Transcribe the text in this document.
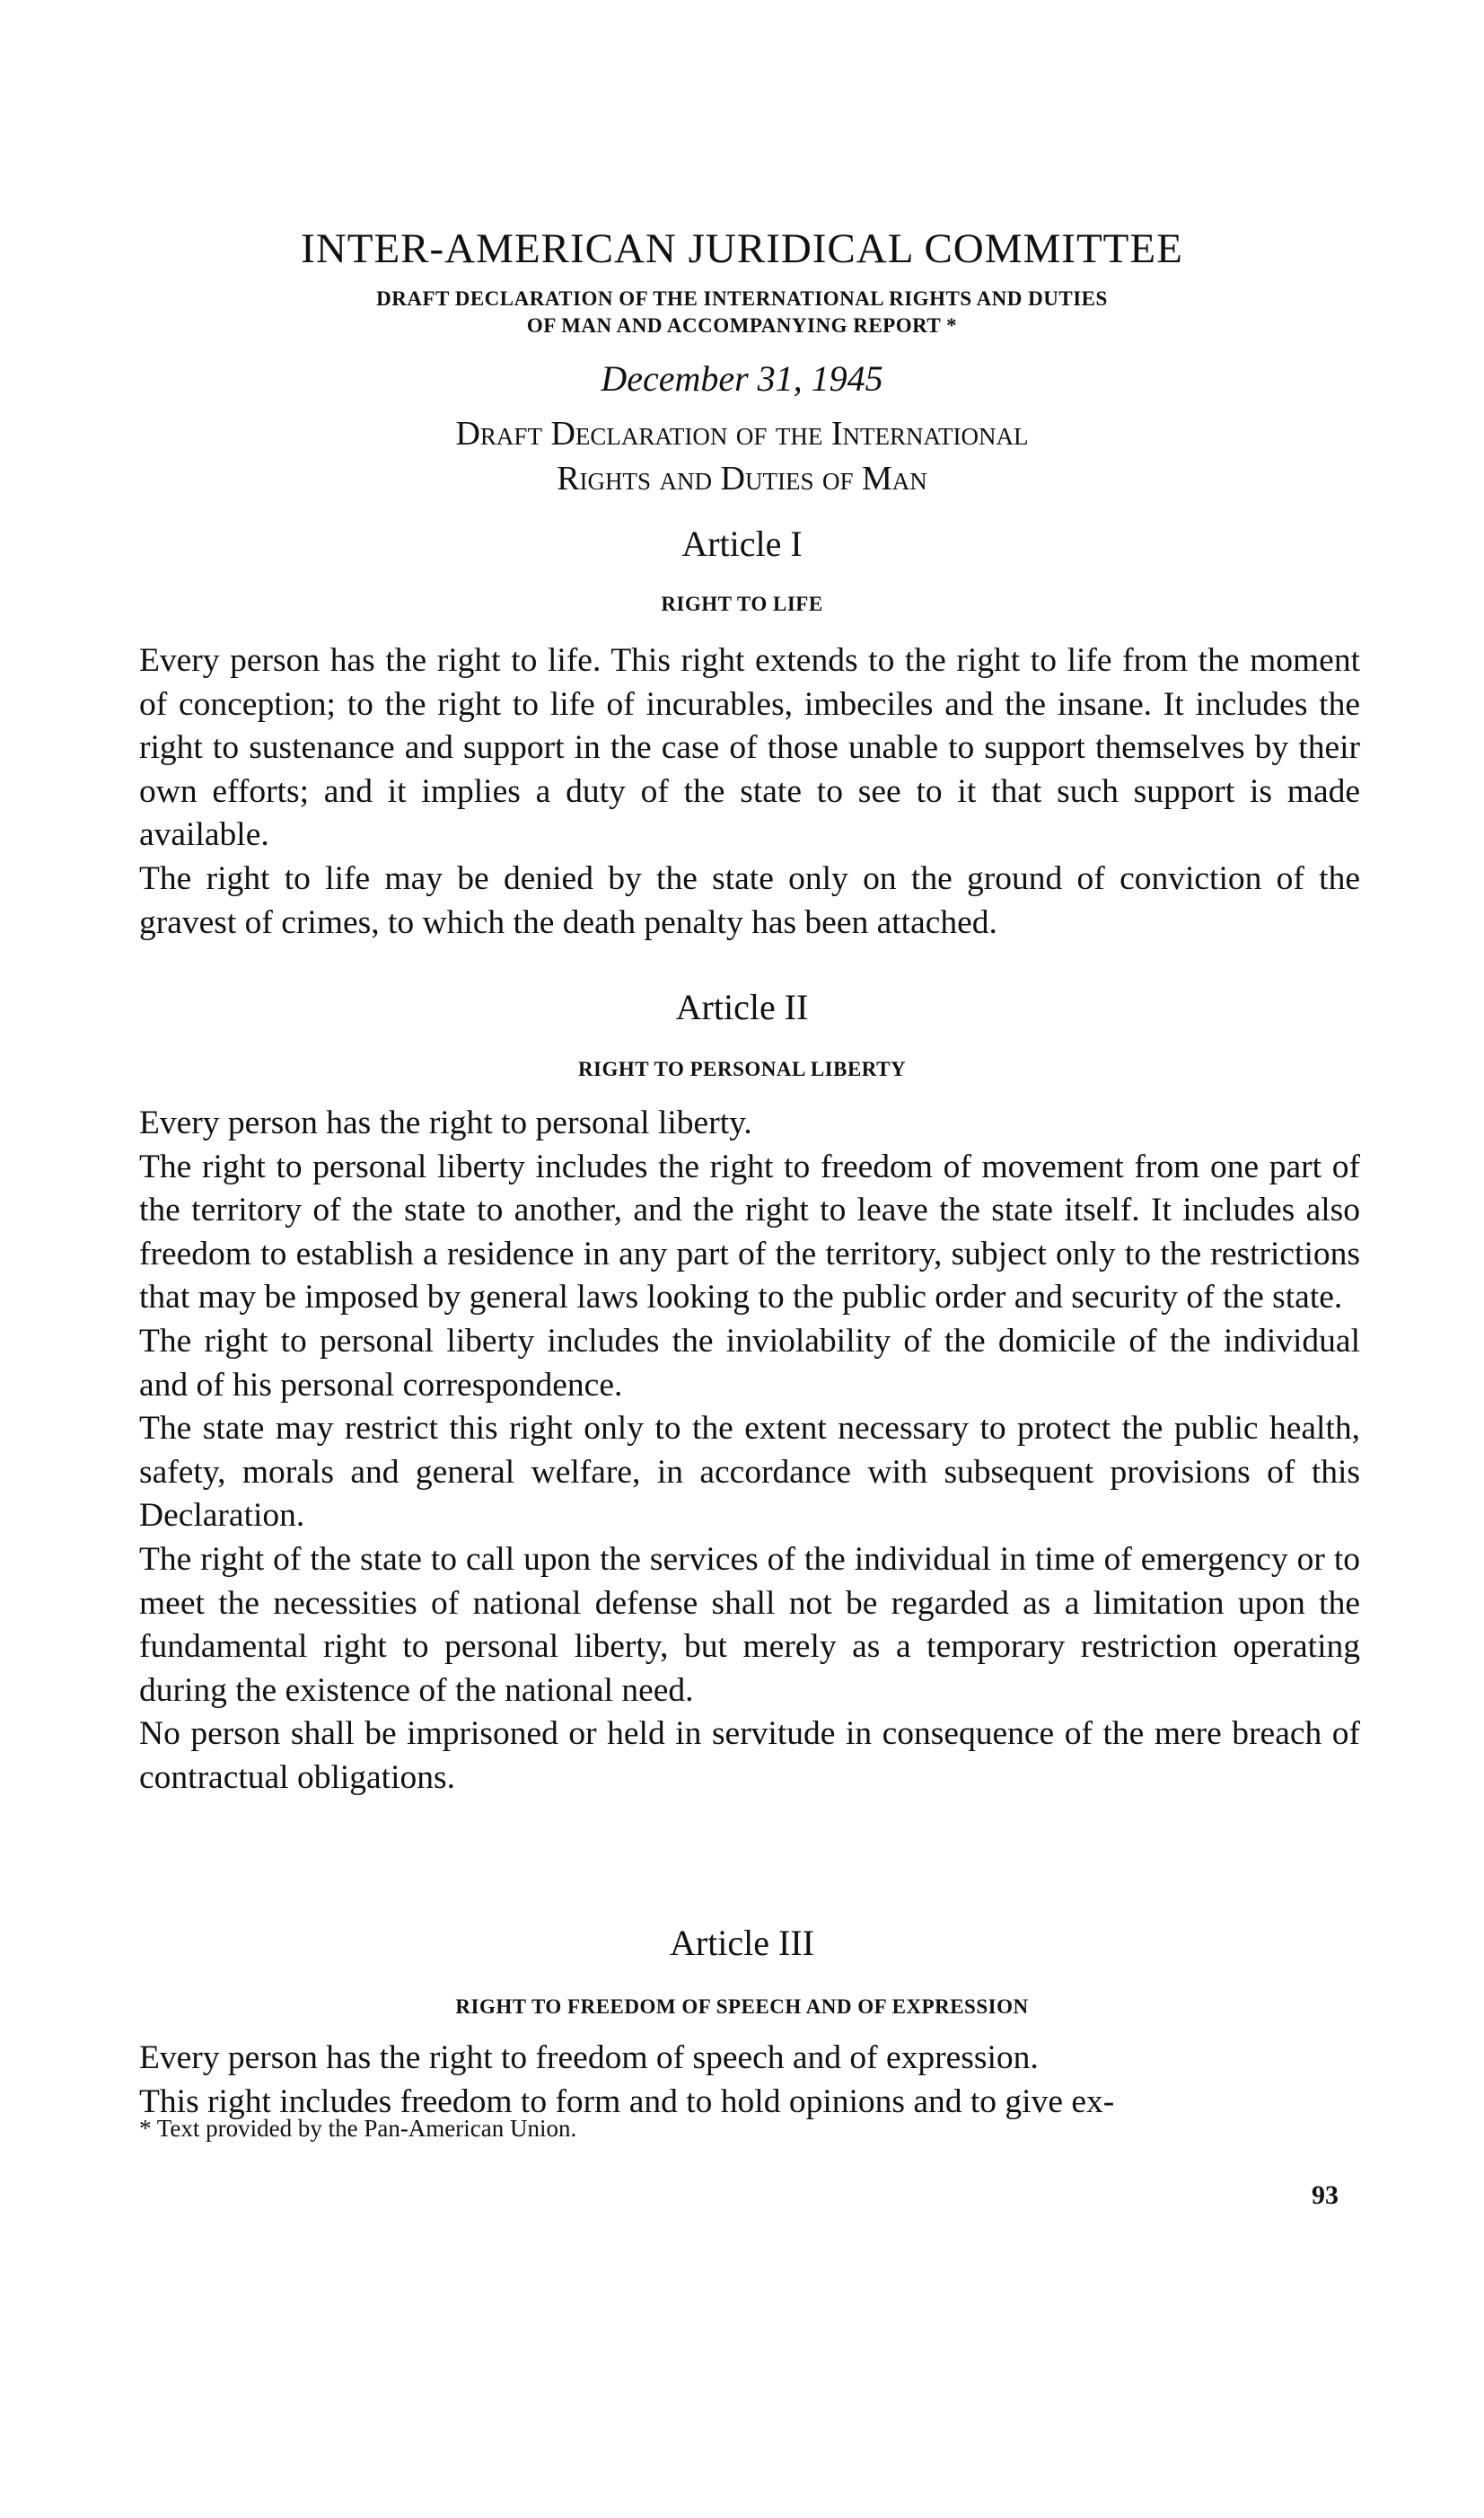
INTER-AMERICAN JURIDICAL COMMITTEE
DRAFT DECLARATION OF THE INTERNATIONAL RIGHTS AND DUTIES
OF MAN AND ACCOMPANYING REPORT *
December 31, 1945
Draft Declaration of the International
Rights and Duties of Man
Article I
RIGHT TO LIFE

Every person has the right to life. This right extends to the right to life from the moment of conception; to the right to life of incurables, imbeciles and the insane. It includes the right to sustenance and support in the case of those unable to support themselves by their own efforts; and it implies a duty of the state to see to it that such support is made available.

The right to life may be denied by the state only on the ground of conviction of the gravest of crimes, to which the death penalty has been attached.

Article II
RIGHT TO PERSONAL LIBERTY

Every person has the right to personal liberty.

The right to personal liberty includes the right to freedom of movement from one part of the territory of the state to another, and the right to leave the state itself. It includes also freedom to establish a residence in any part of the territory, subject only to the restrictions that may be imposed by general laws looking to the public order and security of the state.

The right to personal liberty includes the inviolability of the domicile of the individual and of his personal correspondence.

The state may restrict this right only to the extent necessary to protect the public health, safety, morals and general welfare, in accordance with subsequent provisions of this Declaration.

The right of the state to call upon the services of the individual in time of emergency or to meet the necessities of national defense shall not be regarded as a limitation upon the fundamental right to personal liberty, but merely as a temporary restriction operating during the existence of the national need.

No person shall be imprisoned or held in servitude in consequence of the mere breach of contractual obligations.

Article III
RIGHT TO FREEDOM OF SPEECH AND OF EXPRESSION

Every person has the right to freedom of speech and of expression.

This right includes freedom to form and to hold opinions and to give ex-

* Text provided by the Pan-American Union.
93
